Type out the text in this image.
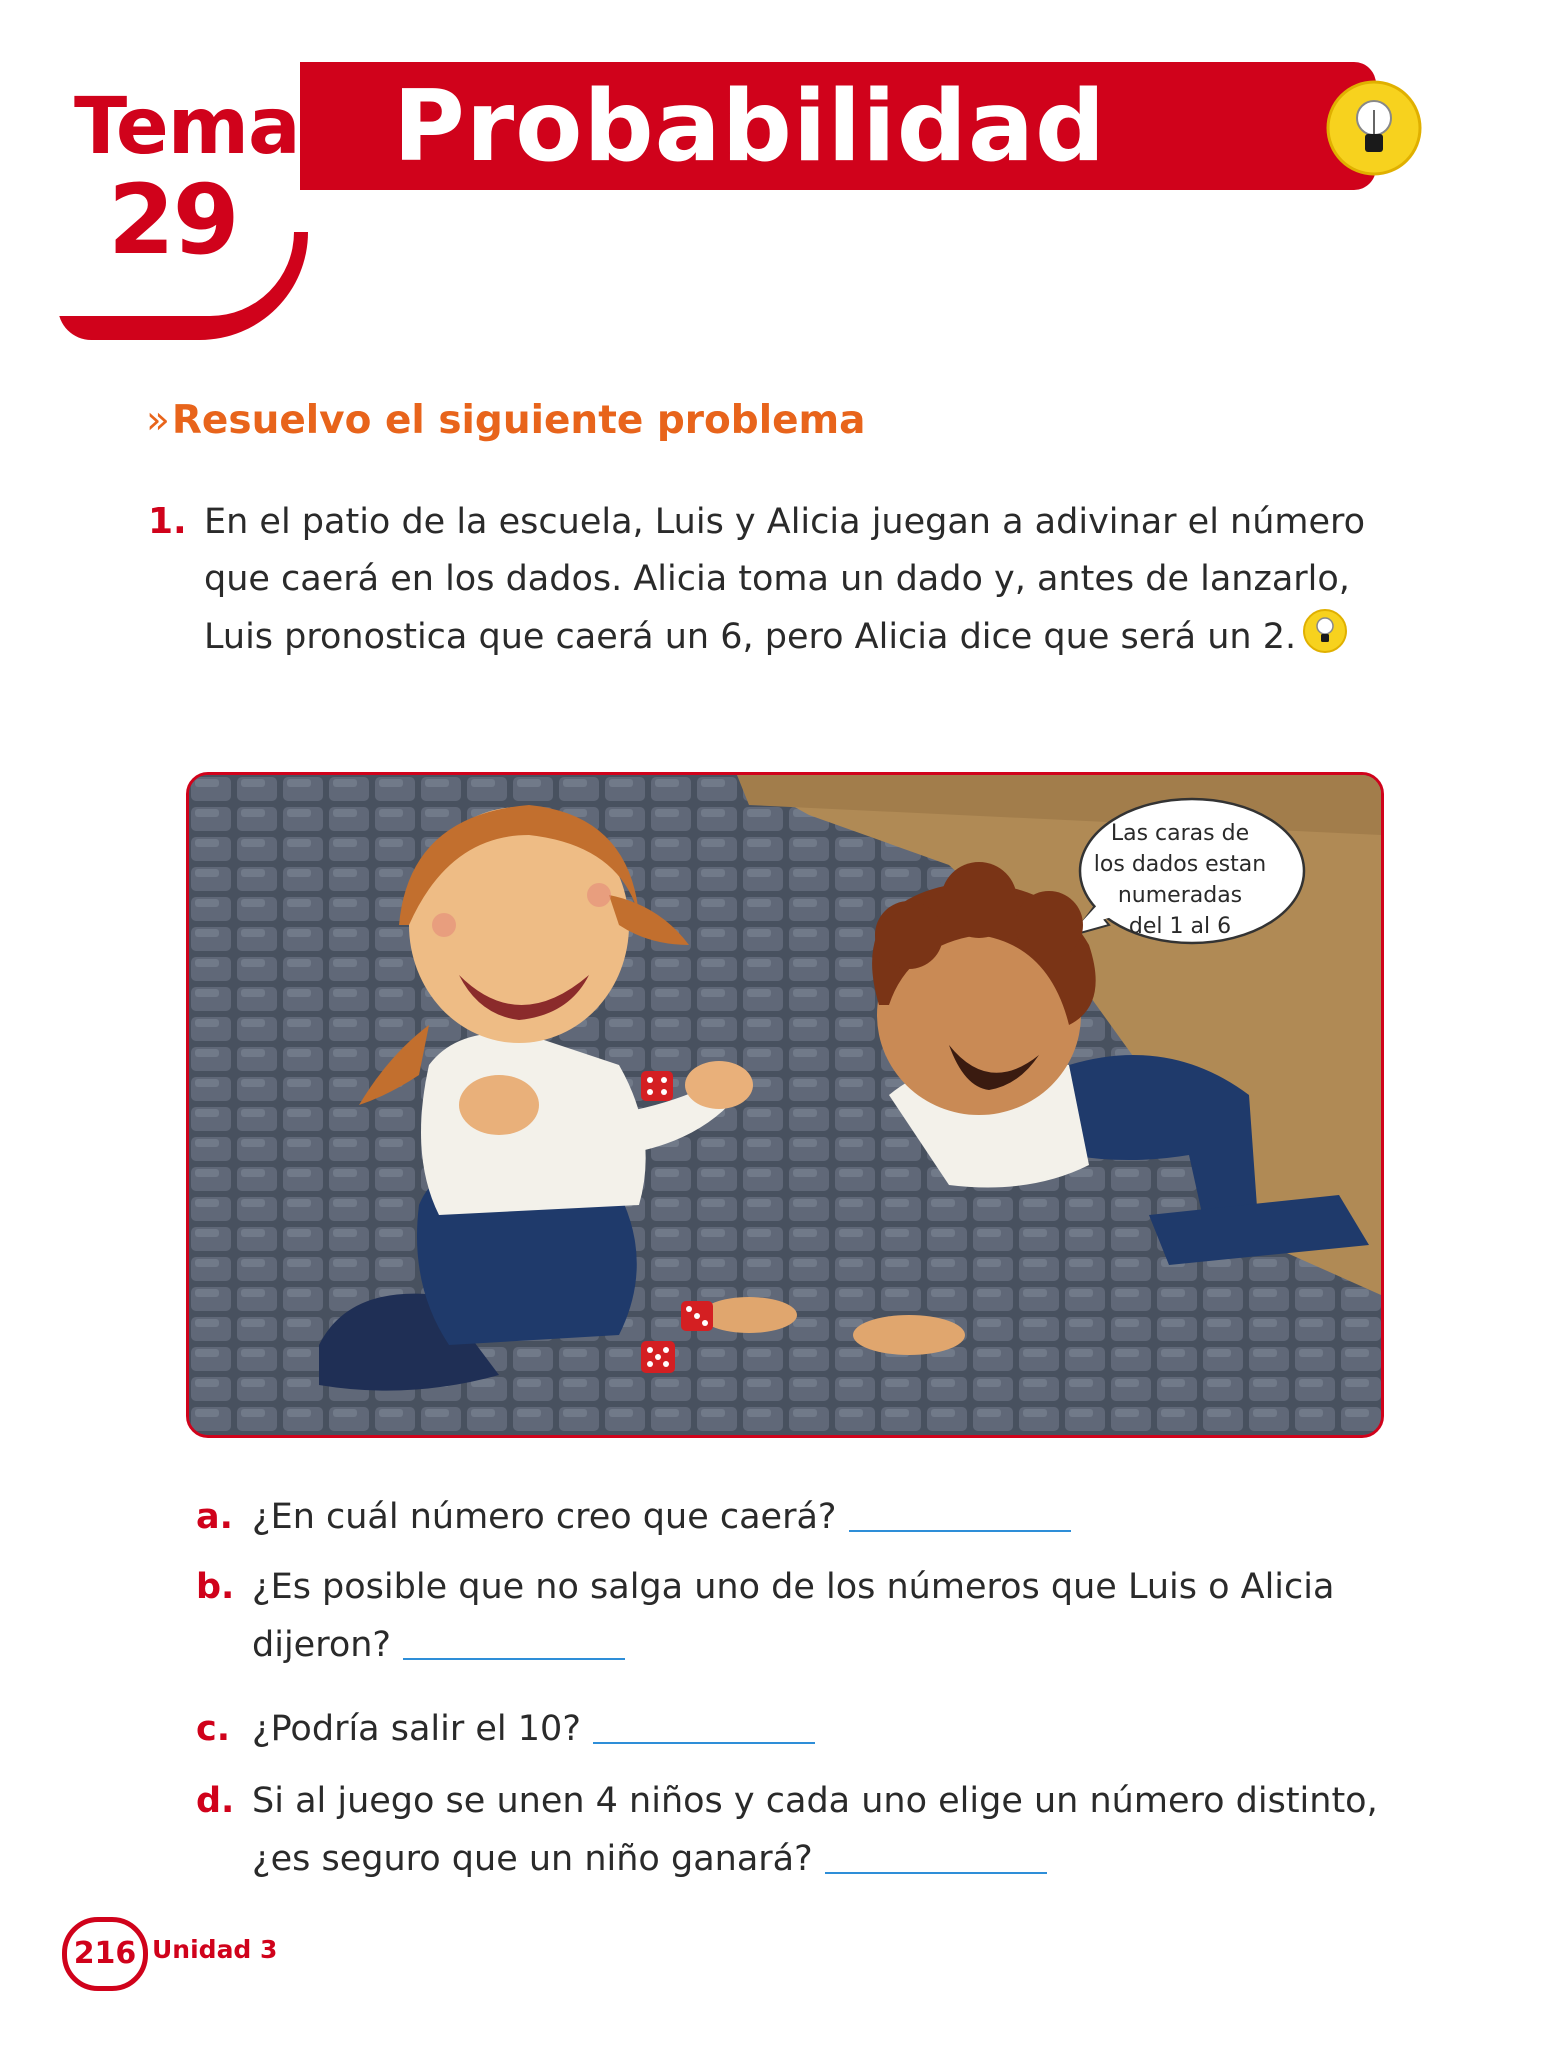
Probabilidad
Tema
29
»Resuelvo el siguiente problema
1. En el patio de la escuela, Luis y Alicia juegan a adivinar el número
que caerá en los dados. Alicia toma un dado y, antes de lanzarlo,
Luis pronostica que caerá un 6, pero Alicia dice que será un 2.
Las caras de
los dados estan
numeradas
del 1 al 6
a. ¿En cuál número creo que caerá?
b. ¿Es posible que no salga uno de los números que Luis o Alicia
dijeron?
c. ¿Podría salir el 10?
d. Si al juego se unen 4 niños y cada uno elige un número distinto,
¿es seguro que un niño ganará?
216 Unidad 3
